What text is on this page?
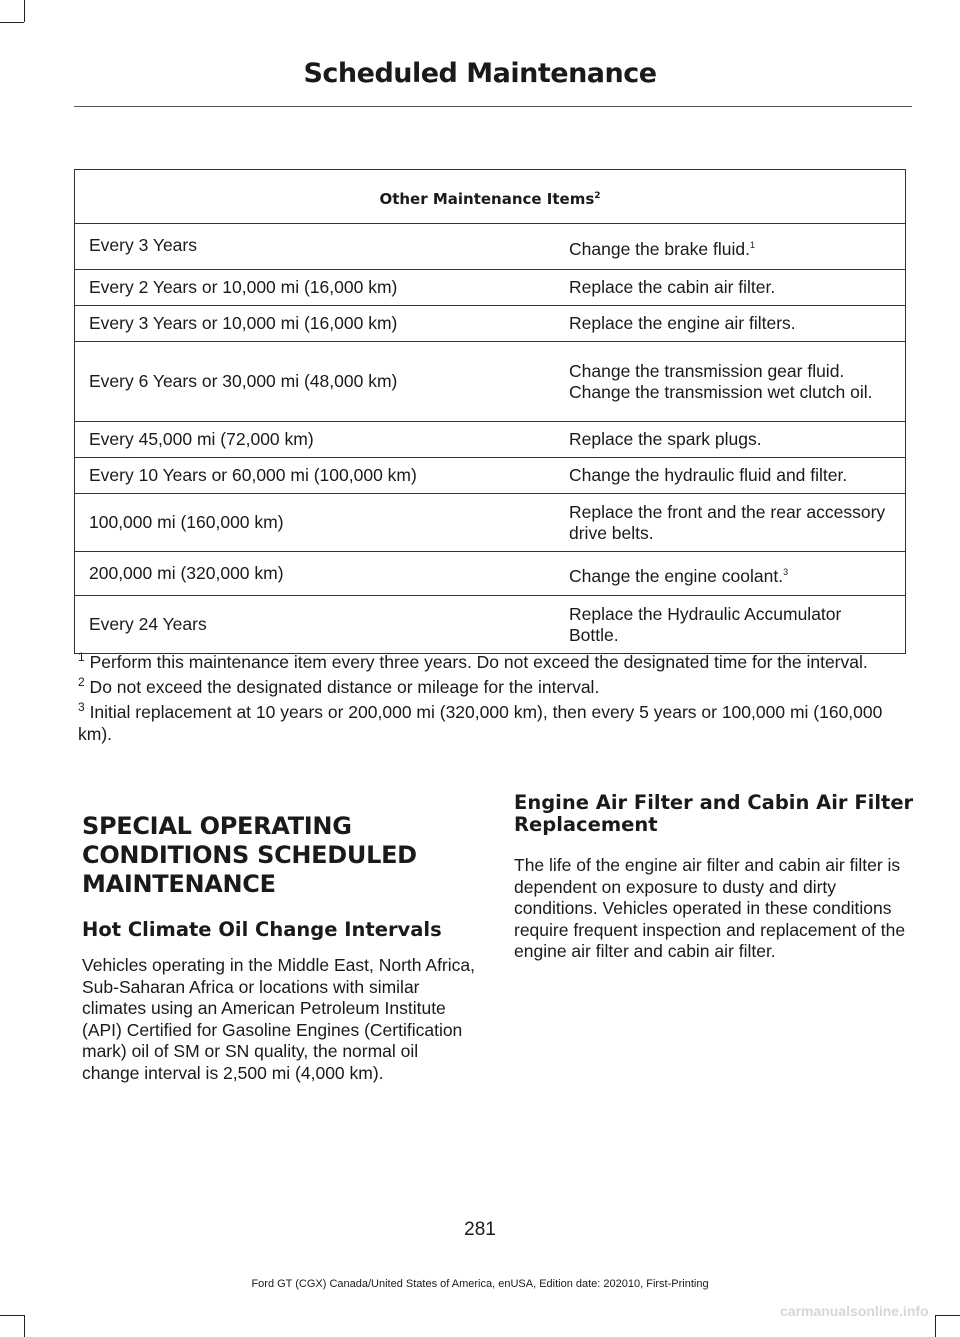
Scheduled Maintenance
Other Maintenance Items$^2$
Every 3 Years	Change the brake fluid.$^1$
Every 2 Years or 10,000 mi (16,000 km)	Replace the cabin air filter.
Every 3 Years or 10,000 mi (16,000 km)	Replace the engine air filters.
Every 6 Years or 30,000 mi (48,000 km)	Change the transmission gear fluid. Change the transmission wet clutch oil.
Every 45,000 mi (72,000 km)	Replace the spark plugs.
Every 10 Years or 60,000 mi (100,000 km)	Change the hydraulic fluid and filter.
100,000 mi (160,000 km)	Replace the front and the rear accessory drive belts.
200,000 mi (320,000 km)	Change the engine coolant.$^3$
Every 24 Years	Replace the Hydraulic Accumulator Bottle.

$^1$ Perform this maintenance item every three years. Do not exceed the designated time for the interval.

$^2$ Do not exceed the designated distance or mileage for the interval.

$^3$ Initial replacement at 10 years or 200,000 mi (320,000 km), then every 5 years or 100,000 mi (160,000 km).

SPECIAL OPERATING CONDITIONS SCHEDULED MAINTENANCE
Hot Climate Oil Change Intervals

Vehicles operating in the Middle East, North Africa, Sub-Saharan Africa or locations with similar climates using an American Petroleum Institute (API) Certified for Gasoline Engines (Certification mark) oil of SM or SN quality, the normal oil change interval is 2,500 mi (4,000 km).

Engine Air Filter and Cabin Air Filter Replacement

The life of the engine air filter and cabin air filter is dependent on exposure to dusty and dirty conditions. Vehicles operated in these conditions require frequent inspection and replacement of the engine air filter and cabin air filter.

281
Ford GT (CGX) Canada/United States of America, enUSA, Edition date: 202010, First-Printing
carmanualsonline.info
